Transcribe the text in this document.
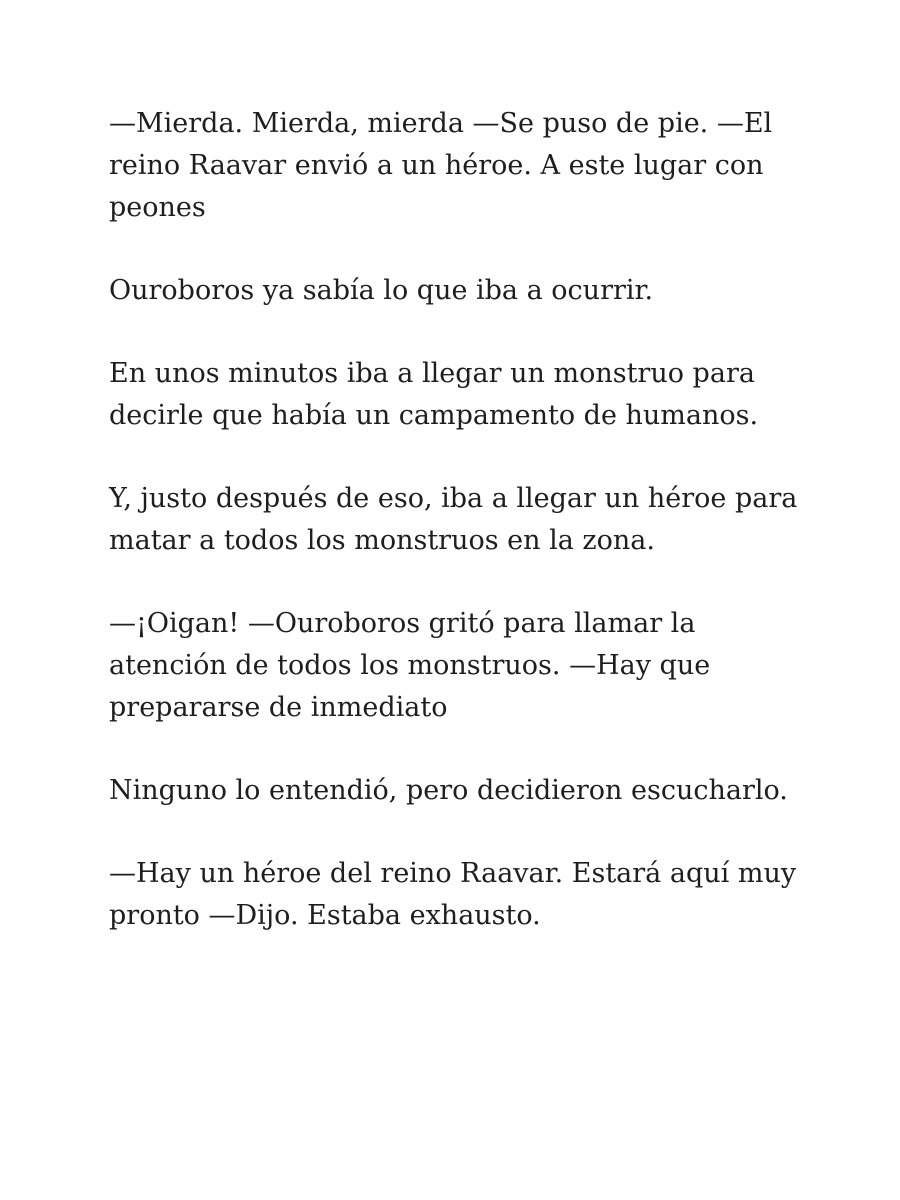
—Mierda. Mierda, mierda —Se puso de pie. —El reino Raavar envió a un héroe. A este lugar con peones

Ouroboros ya sabía lo que iba a ocurrir.

En unos minutos iba a llegar un monstruo para decirle que había un campamento de humanos.

Y, justo después de eso, iba a llegar un héroe para matar a todos los monstruos en la zona.

—¡Oigan! —Ouroboros gritó para llamar la atención de todos los monstruos. —Hay que prepararse de inmediato

Ninguno lo entendió, pero decidieron escucharlo.

—Hay un héroe del reino Raavar. Estará aquí muy pronto —Dijo. Estaba exhausto.
